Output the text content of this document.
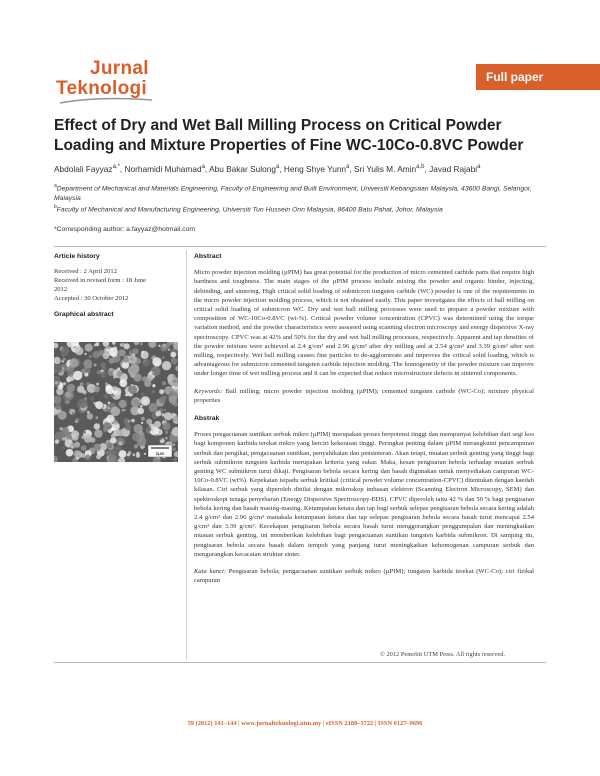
Jurnal
Teknologi
Full paper
Effect of Dry and Wet Ball Milling Process on Critical Powder Loading and Mixture Properties of Fine WC-10Co-0.8VC Powder
Abdolali Fayyaz$^{a,*}$, Norhamidi Muhamad$^a$, Abu Bakar Sulong$^a$, Heng Shye Yunn$^a$, Sri Yulis M. Amin$^{a,b}$, Javad Rajabi$^a$
$^a$Department of Mechanical and Materials Engineering, Faculty of Engineering and Built Environment, Universiti Kebangsaan Malaysia, 43600 Bangi, Selangor, Malaysia
$^b$Faculty of Mechanical and Manufacturing Engineering, Universiti Tun Hussein Onn Malaysia, 86400 Batu Pahat, Johor, Malaysia
*Corresponding author: a.fayyaz@hotmail.com
Article history
Received : 2 April 2012
Received in revised form : 18 June
2012
Accepted : 30 October 2012
Graphical abstract
2µm
Abstract

Micro powder injection molding (µPIM) has great potential for the production of micro cemented carbide parts that require high hardness and toughness. The main stages of the µPIM process include mixing the powder and organic binder, injecting, debinding, and sintering. High critical solid loading of submicron tungsten carbide (WC) powder is one of the requirements in the micro powder injection molding process, which is not obtained easily. This paper investigates the effects of ball milling on critical solid loading of submicron WC. Dry and wet ball milling processes were used to prepare a powder mixture with composition of WC-10Co-0.8VC (wt-%). Critical powder volume concentration (CPVC) was determined using the torque variation method, and the powder characteristics were assessed using scanning electron microscopy and energy dispersive X-ray spectroscopy. CPVC was at 42% and 50% for the dry and wet ball milling processes, respectively. Apparent and tap densities of the powder mixture were achieved at 2.4 g/cm³ and 2.96 g/cm³ after dry milling and at 2.54 g/cm³ and 3.39 g/cm³ after wet milling, respectively. Wet ball milling causes fine particles to de-agglomerate and improves the critical solid loading, which is advantageous for submicron cemented tungsten carbide injection molding. The homogeneity of the powder mixture can improve under longer time of wet milling process and it can be expected that reduce microstructure defects in sintered components.

Keywords: Ball milling; micro powder injection molding (µPIM); cemented tungsten carbide (WC-Co); mixture physical properties

Abstrak

Proses pengacuanan suntikan serbuk mikro (µPIM) merupakan proses berpotensi tinggi dan mempunyai kelebihan dari segi kos bagi komponen karbida terekat mikro yang berciri kekerasan tinggi. Peringkat penting dalam µPIM merangkumi pencampuran serbuk dan pengikat, pengacuanan suntikan, penyahikatan dan pensinteran. Akan tetapi, muatan serbuk genting yang tinggi bagi serbuk submikron tungsten karbida merupakan kriteria yang sukar. Maka, kesan pengisaran bebola terhadap muatan serbuk genting WC submikron turut dikaji. Pengisaran bebola secara kering dan basah digunakan untuk menyediakan campuran WC-10Co-0.8VC (wt%). Kepekatan isipadu serbuk kritikal (critical powder volume concentration-CPVC) ditentukan dengan kaedah kilasan. Ciri serbuk yang diperoleh dinilai dengan mikroskop imbasan elektron (Scanning Electron Microscopy, SEM) dan spektroskopi tenaga penyebaran (Energy Dispersive Spectroscopy-EDS). CPVC diperoleh iaitu 42 % dan 50 % bagi pengisaran bebola kering dan basah masing-masing. Ketumpatan ketara dan tap bagi serbuk selepas pengisaran bebola secara kering adalah 2.4 g/cm³ dan 2.96 g/cm³ manakala ketumpatan ketara dan tap selepas pengisaran bebola secara basah turut mencapai 2.54 g/cm³ dan 3.39 g/cm³. Kecekapan pengisaran bebola secara basah turut menggorangkan penggumpalan dan meningkatkan muatan serbuk genting, ini memberikan kelebihan bagi pengacuanan suntikan tungsten karbida submikron. Di samping itu, pengisaran bebola secara basah dalam tempoh yang panjang turut meningkatkan kehomogenan campuran serbuk dan mengurangkan kecacatan struktur sinter.

Kata kunci: Pengisaran bebola; pengacuanan suntikan serbuk mikro (µPIM); tungsten karbida terekat (WC-Co); ciri fizikal campuran

© 2012 Penerbit UTM Press. All rights reserved.
59 (2012) 141–144 | www.jurnalteknologi.utm.my | eISSN 2180–3722 | ISSN 0127–9696
